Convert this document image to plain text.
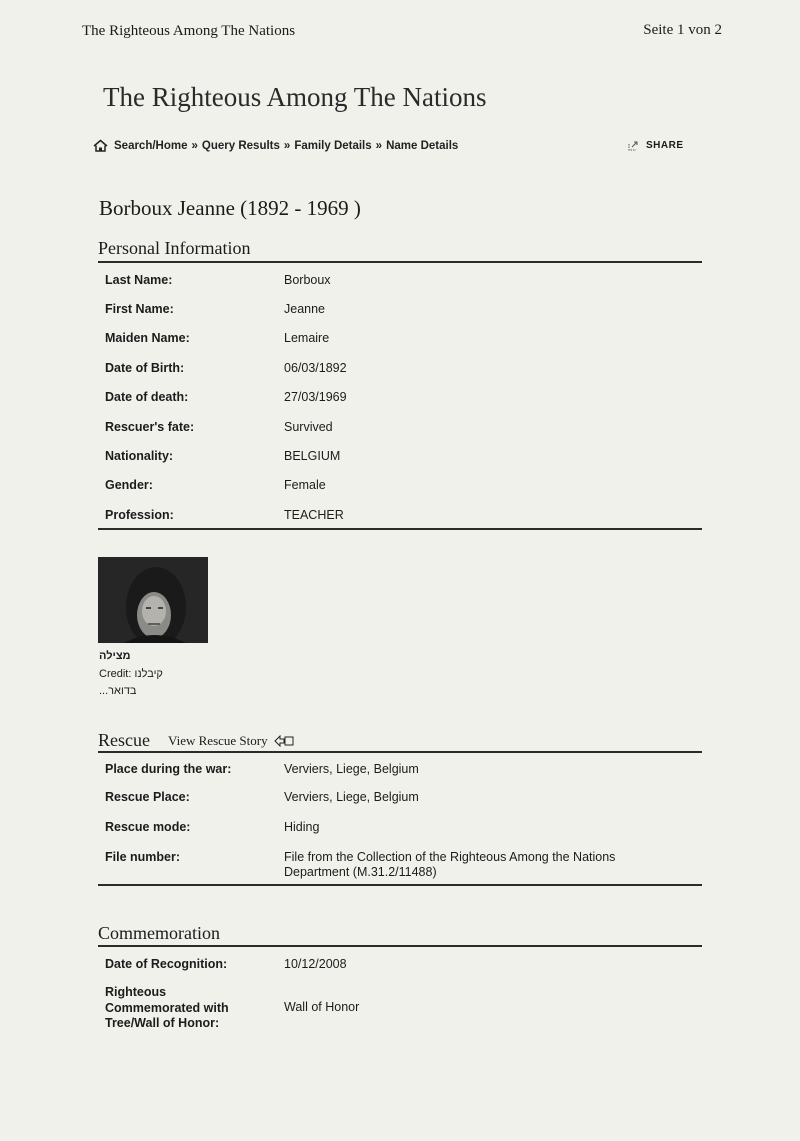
The Righteous Among The Nations	Seite 1 von 2
The Righteous Among The Nations
Search/Home » Query Results » Family Details » Name Details	SHARE
Borboux Jeanne (1892 - 1969 )
Personal Information
Last Name:	Borboux
First Name:	Jeanne
Maiden Name:	Lemaire
Date of Birth:	06/03/1892
Date of death:	27/03/1969
Rescuer's fate:	Survived
Nationality:	BELGIUM
Gender:	Female
Profession:	TEACHER
מצילה
Credit: קיבלנו
...בדואר
Rescue View Rescue Story
Place during the war:	Verviers, Liege, Belgium
Rescue Place:	Verviers, Liege, Belgium
Rescue mode:	Hiding
File number:	File from the Collection of the Righteous Among the Nations
Department (M.31.2/11488)
Commemoration
Date of Recognition:	10/12/2008
Righteous
Commemorated with
Tree/Wall of Honor:
Wall of Honor
